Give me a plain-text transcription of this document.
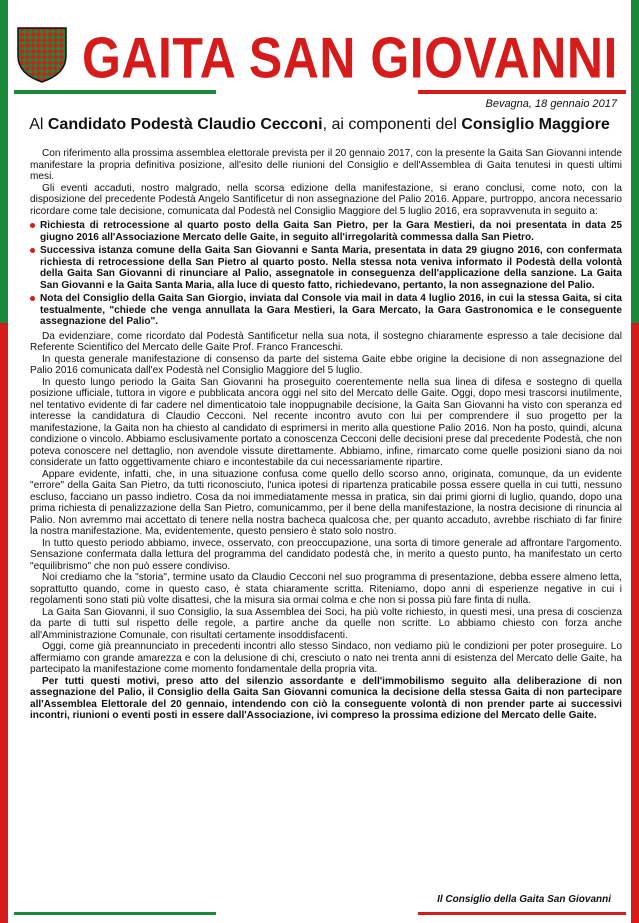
GAITA SAN GIOVANNI
Bevagna, 18 gennaio 2017
Al Candidato Podestà Claudio Cecconi, ai componenti del Consiglio Maggiore

Con riferimento alla prossima assemblea elettorale prevista per il 20 gennaio 2017, con la presente la Gaita San Giovanni intende manifestare la propria definitiva posizione, all'esito delle riunioni del Consiglio e dell'Assemblea di Gaita tenutesi in questi ultimi mesi.

Gli eventi accaduti, nostro malgrado, nella scorsa edizione della manifestazione, si erano conclusi, come noto, con la disposizione del precedente Podestà Angelo Santificetur di non assegnazione del Palio 2016. Appare, purtroppo, ancora necessario ricordare come tale decisione, comunicata dal Podestà nel Consiglio Maggiore del 5 luglio 2016, era sopravvenuta in seguito a:

Richiesta di retrocessione al quarto posto della Gaita San Pietro, per la Gara Mestieri, da noi presentata in data 25 giugno 2016 all'Associazione Mercato delle Gaite, in seguito all'irregolarità commessa dalla San Pietro.
Successiva istanza comune della Gaita San Giovanni e Santa Maria, presentata in data 29 giugno 2016, con confermata richiesta di retrocessione della San Pietro al quarto posto. Nella stessa nota veniva informato il Podestà della volontà della Gaita San Giovanni di rinunciare al Palio, assegnatole in conseguenza dell'applicazione della sanzione. La Gaita San Giovanni e la Gaita Santa Maria, alla luce di questo fatto, richiedevano, pertanto, la non assegnazione del Palio.
Nota del Consiglio della Gaita San Giorgio, inviata dal Console via mail in data 4 luglio 2016, in cui la stessa Gaita, si cita testualmente, "chiede che venga annullata la Gara Mestieri, la Gara Mercato, la Gara Gastronomica e le conseguente assegnazione del Palio".

Da evidenziare, come ricordato dal Podestà Santificetur nella sua nota, il sostegno chiaramente espresso a tale decisione dal Referente Scientifico del Mercato delle Gaite Prof. Franco Franceschi.

In questa generale manifestazione di consenso da parte del sistema Gaite ebbe origine la decisione di non assegnazione del Palio 2016 comunicata dall'ex Podestà nel Consiglio Maggiore del 5 luglio.

In questo lungo periodo la Gaita San Giovanni ha proseguito coerentemente nella sua linea di difesa e sostegno di quella posizione ufficiale, tuttora in vigore e pubblicata ancora oggi nel sito del Mercato delle Gaite. Oggi, dopo mesi trascorsi inutilmente, nel tentativo evidente di far cadere nel dimenticatoio tale inoppugnabile decisione, la Gaita San Giovanni ha visto con speranza ed interesse la candidatura di Claudio Cecconi. Nel recente incontro avuto con lui per comprendere il suo progetto per la manifestazione, la Gaita non ha chiesto al candidato di esprimersi in merito alla questione Palio 2016. Non ha posto, quindi, alcuna condizione o vincolo. Abbiamo esclusivamente portato a conoscenza Cecconi delle decisioni prese dal precedente Podestà, che non poteva conoscere nel dettaglio, non avendole vissute direttamente. Abbiamo, infine, rimarcato come quelle posizioni siano da noi considerate un fatto oggettivamente chiaro e incontestabile da cui necessariamente ripartire.

Appare evidente, infatti, che, in una situazione confusa come quello dello scorso anno, originata, comunque, da un evidente "errore" della Gaita San Pietro, da tutti riconosciuto, l'unica ipotesi di ripartenza praticabile possa essere quella in cui tutti, nessuno escluso, facciano un passo indietro. Cosa da noi immediatamente messa in pratica, sin dai primi giorni di luglio, quando, dopo una prima richiesta di penalizzazione della San Pietro, comunicammo, per il bene della manifestazione, la nostra decisione di rinuncia al Palio. Non avremmo mai accettato di tenere nella nostra bacheca qualcosa che, per quanto accaduto, avrebbe rischiato di far finire la nostra manifestazione. Ma, evidentemente, questo pensiero è stato solo nostro.

In tutto questo periodo abbiamo, invece, osservato, con preoccupazione, una sorta di timore generale ad affrontare l'argomento. Sensazione confermata dalla lettura del programma del candidato podestà che, in merito a questo punto, ha manifestato un certo "equilibrismo" che non può essere condiviso.

Noi crediamo che la "storia", termine usato da Claudio Cecconi nel suo programma di presentazione, debba essere almeno letta, soprattutto quando, come in questo caso, è stata chiaramente scritta. Riteniamo, dopo anni di esperienze negative in cui i regolamenti sono stati più volte disattesi, che la misura sia ormai colma e che non si possa più fare finta di nulla.

La Gaita San Giovanni, il suo Consiglio, la sua Assemblea dei Soci, ha più volte richiesto, in questi mesi, una presa di coscienza da parte di tutti sul rispetto delle regole, a partire anche da quelle non scritte. Lo abbiamo chiesto con forza anche all'Amministrazione Comunale, con risultati certamente insoddisfacenti.

Oggi, come già preannunciato in precedenti incontri allo stesso Sindaco, non vediamo più le condizioni per poter proseguire. Lo affermiamo con grande amarezza e con la delusione di chi, cresciuto o nato nei trenta anni di esistenza del Mercato delle Gaite, ha partecipato la manifestazione come momento fondamentale della propria vita.

Per tutti questi motivi, preso atto del silenzio assordante e dell'immobilismo seguito alla deliberazione di non assegnazione del Palio, il Consiglio della Gaita San Giovanni comunica la decisione della stessa Gaita di non partecipare all'Assemblea Elettorale del 20 gennaio, intendendo con ciò la conseguente volontà di non prender parte ai successivi incontri, riunioni o eventi posti in essere dall'Associazione, ivi compreso la prossima edizione del Mercato delle Gaite.

Il Consiglio della Gaita San Giovanni
